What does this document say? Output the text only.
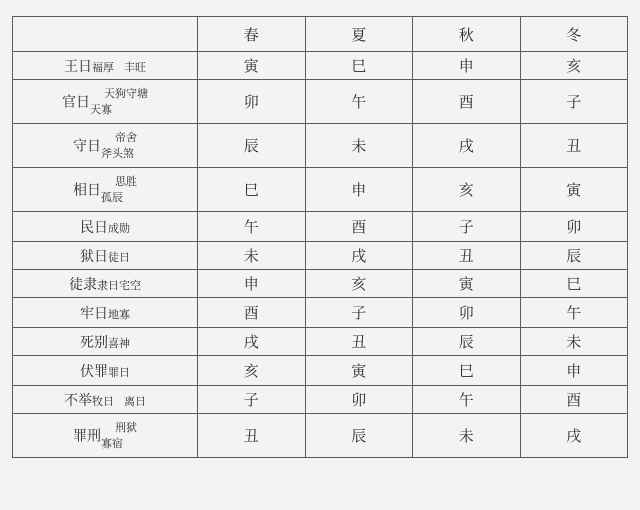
	春	夏	秋	冬
王日福厚 丰旺	寅	巳	申	亥
官日
天狗守塘
天寡	卯	午	酉	子
守日
帝舍
斧头煞	辰	未	戌	丑
相日
思胜
孤辰	巳	申	亥	寅
民日成勋	午	酉	子	卯
狱日徒日	未	戌	丑	辰
徒隶隶日宅空	申	亥	寅	巳
牢日地寡	酉	子	卯	午
死别喜神	戌	丑	辰	未
伏罪罪日	亥	寅	巳	申
不举牧日 离日	子	卯	午	酉
罪刑
刑狱
寡宿	丑	辰	未	戌
